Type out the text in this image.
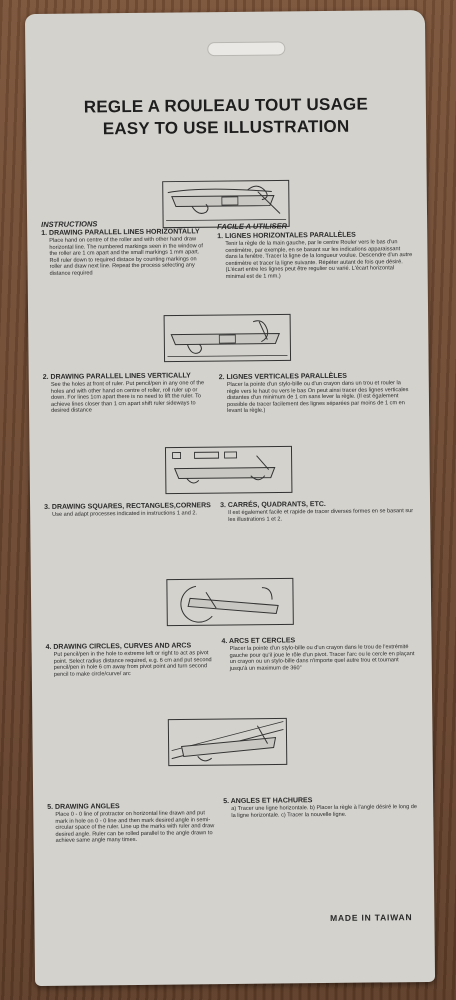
REGLE A ROULEAU TOUT USAGE
EASY TO USE ILLUSTRATION
INSTRUCTIONS	FACILE A UTILISER

1. DRAWING PARALLEL LINES HORIZONTALLY

Place hand on centre of the roller and with other hand draw horizontal line. The numbered markings seen in the window of the roller are 1 cm apart and the small markings 1 mm apart. Roll ruler down to required distace by counting markings on roller and draw next line. Repeat the process selecting any distance required

1. LIGNES HORIZONTALES PARALLÈLES

Tenir la règle de la main gauche, par le centre Rouler vers le bas d'un centimètre, par exemple, en se basant sur les indications apparaissant dans la fenêtre. Tracer la ligne de la longueur voulue. Descendre d'un autre centimètre et tracer la ligne suivante. Répéter autant de fois que désiré. (L'écart entre les lignes peut être regulier ou varié. L'écart horizontal minimal est de 1 mm.)

2. DRAWING PARALLEL LINES VERTICALLY

See the holes at front of ruler. Put pencil/pen in any one of the holes and with other hand on centre of roller, roll ruler up or down. For lines 1cm apart there is no need to lift the ruler. To achieve lines closer than 1 cm apart shift ruler sideways to desired distance

2. LIGNES VERTICALES PARALLÈLES

Placer la pointe d'un stylo-bille ou d'un crayon dans un trou et rouler la règle vers le haut ou vers le bas On peut ainsi tracer des lignes verticales distantes d'un minimum de 1 cm sans lever la règle. (Il est également possible de tracer facilement des lignes séparées par moins de 1 cm en levant la règle.)

3. DRAWING SQUARES, RECTANGLES,CORNERS

Use and adapt processes indicated in instructions 1 and 2.

3. CARRÉS, QUADRANTS, ETC.

Il est également facile et rapide de tracer diverses formes en se basant sur les illustrations 1 et 2.

4. DRAWING CIRCLES, CURVES AND ARCS

Put pencil/pen in the hole to extreme left or right to act as pivot point. Select radius distance required, e.g. 6 cm and put second pencil/pen in hole 6 cm away from pivot point and turn second pencil to make circle/curve/ arc

4. ARCS ET CERCLES

Placer la pointe d'un stylo-bille ou d'un crayon dans le trou de l'extrémité gauche pour qu'il joue le rôle d'un pivot. Tracer l'arc ou le cercle en plaçant un crayon ou un stylo-bille dans n'importe quel autre trou et tournant jusqu'à un maximum de 360°

5. DRAWING ANGLES

Place 0 - 0 line of protractor on horizontal line drawn and put mark in hole on 0 - 0 line and then mark desired angle in semi-circular space of the ruler. Line up the marks with ruler and draw desired angle. Ruler can be rolled parallel to the angle drawn to achieve same angle many times.

5. ANGLES ET HACHURES

a) Tracer une ligne horizontale. b) Placer la règle à l'angle désiré le long de la ligne horizontale. c) Tracer la nouvelle ligne.

MADE IN TAIWAN
